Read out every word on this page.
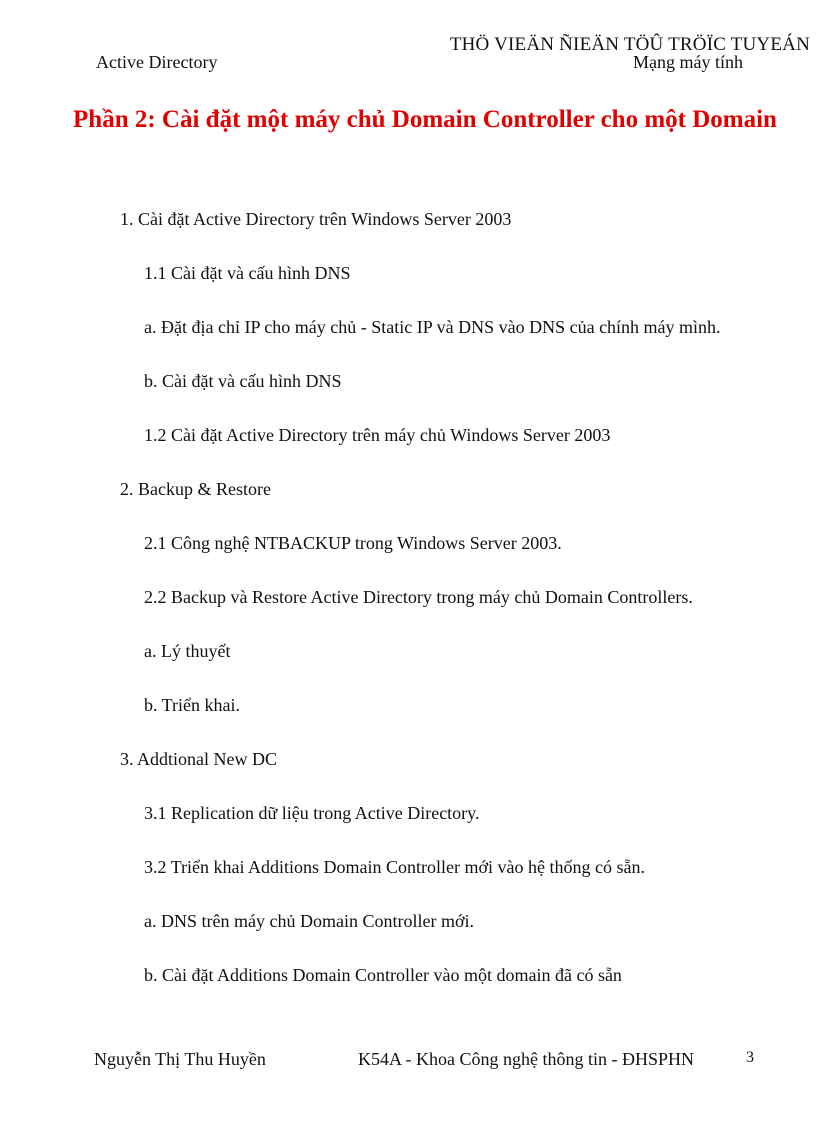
THÖ VIEÄN ÑIEÄN TÖÛ TRÖÏC TUYEÁN
Active Directory	Mạng máy tính
Phần 2: Cài đặt một máy chủ Domain Controller cho một Domain
1. Cài đặt Active Directory trên Windows Server 2003
1.1 Cài đặt và cấu hình DNS
a. Đặt địa chỉ IP cho máy chủ - Static IP và DNS vào DNS của chính máy mình.
b. Cài đặt và cấu hình DNS
1.2 Cài đặt Active Directory trên máy chủ Windows Server 2003
2. Backup & Restore
2.1 Công nghệ NTBACKUP trong Windows Server 2003.
2.2 Backup và Restore Active Directory trong máy chủ Domain Controllers.
a. Lý thuyết
b. Triển khai.
3. Addtional New DC
3.1 Replication dữ liệu trong Active Directory.
3.2 Triển khai Additions Domain Controller mới vào hệ thống có sẵn.
a. DNS trên máy chủ Domain Controller mới.
b. Cài đặt Additions Domain Controller vào một domain đã có sẵn
Nguyễn Thị Thu Huyền	K54A - Khoa Công nghệ thông tin - ĐHSPHN	3
